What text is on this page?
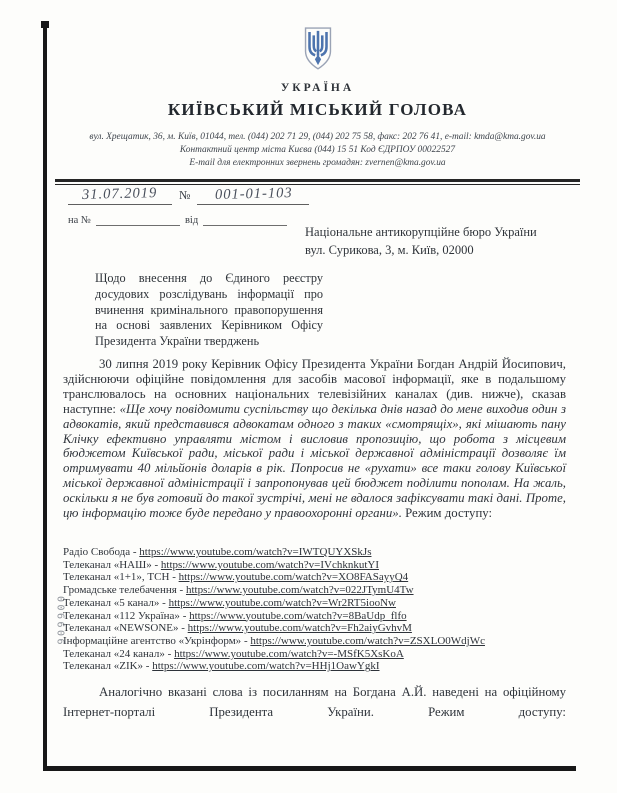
006606
УКРАЇНА
КИЇВСЬКИЙ МІСЬКИЙ ГОЛОВА
вул. Хрещатик, 36, м. Київ, 01044, тел. (044) 202 71 29, (044) 202 75 58, факс: 202 76 41, e-mail: kmda@kma.gov.ua
Контактний центр міста Києва (044) 15 51 Код ЄДРПОУ 00022527
E-mail для електронних звернень громадян: zvernen@kma.gov.ua
31.07.2019	№	001-01-103
на №	від
Національне антикорупційне бюро України
вул. Сурикова, 3, м. Київ, 02000
Щодо внесення до Єдиного реєстру досудових розслідувань інформації про вчинення кримінального правопорушення на основі заявлених Керівником Офісу Президента України тверджень
30 липня 2019 року Керівник Офісу Президента України Богдан Андрій Йосипович, здійснюючи офіційне повідомлення для засобів масової інформації, яке в подальшому транслювалось на основних національних телевізійних каналах (див. нижче), сказав наступне: «Ще хочу повідомити суспільству що декілька днів назад до мене виходив один з адвокатів, який представився адвокатам одного з таких «смотрящіх», які мішають пану Клічку ефективно управляти містом і висловив пропозицію, що робота з місцевим бюджетом Київської ради, міської ради і міської державної адміністрації дозволяє їм отримувати 40 мільйонів доларів в рік. Попросив не «рухати» все таки голову Київської міської державної адміністрації і запропонував цей бюджет поділити пополам. На жаль, оскільки я не був готовий до такої зустрічі, мені не вдалося зафіксувати такі дані. Проте, цю інформацію тоже буде передано у правоохоронні органи». Режим доступу:
Радіо Свобода - https://www.youtube.com/watch?v=IWTQUYXSkJs
Телеканал «НАШ» - https://www.youtube.com/watch?v=IVchknkutYI
Телеканал «1+1», ТСН - https://www.youtube.com/watch?v=XO8FASayyQ4
Громадське телебачення - https://www.youtube.com/watch?v=022JTymU4Tw
Телеканал «5 канал» - https://www.youtube.com/watch?v=Wr2RT5iooNw
Телеканал «112 Україна» - https://www.youtube.com/watch?v=8BaUdp_flfo
Телеканал «NEWSONE» - https://www.youtube.com/watch?v=Fh2aiyGvhvM
Інформаційне агентство «Укрінформ» - https://www.youtube.com/watch?v=ZSXLO0WdjWc
Телеканал «24 канал» - https://www.youtube.com/watch?v=-MSfK5XsKoA
Телеканал «ZIK» - https://www.youtube.com/watch?v=HHj1OawYgkI
Аналогічно вказані слова із посиланням на Богдана А.Й. наведені на офіційному Інтернет-порталі Президента України. Режим доступу:
